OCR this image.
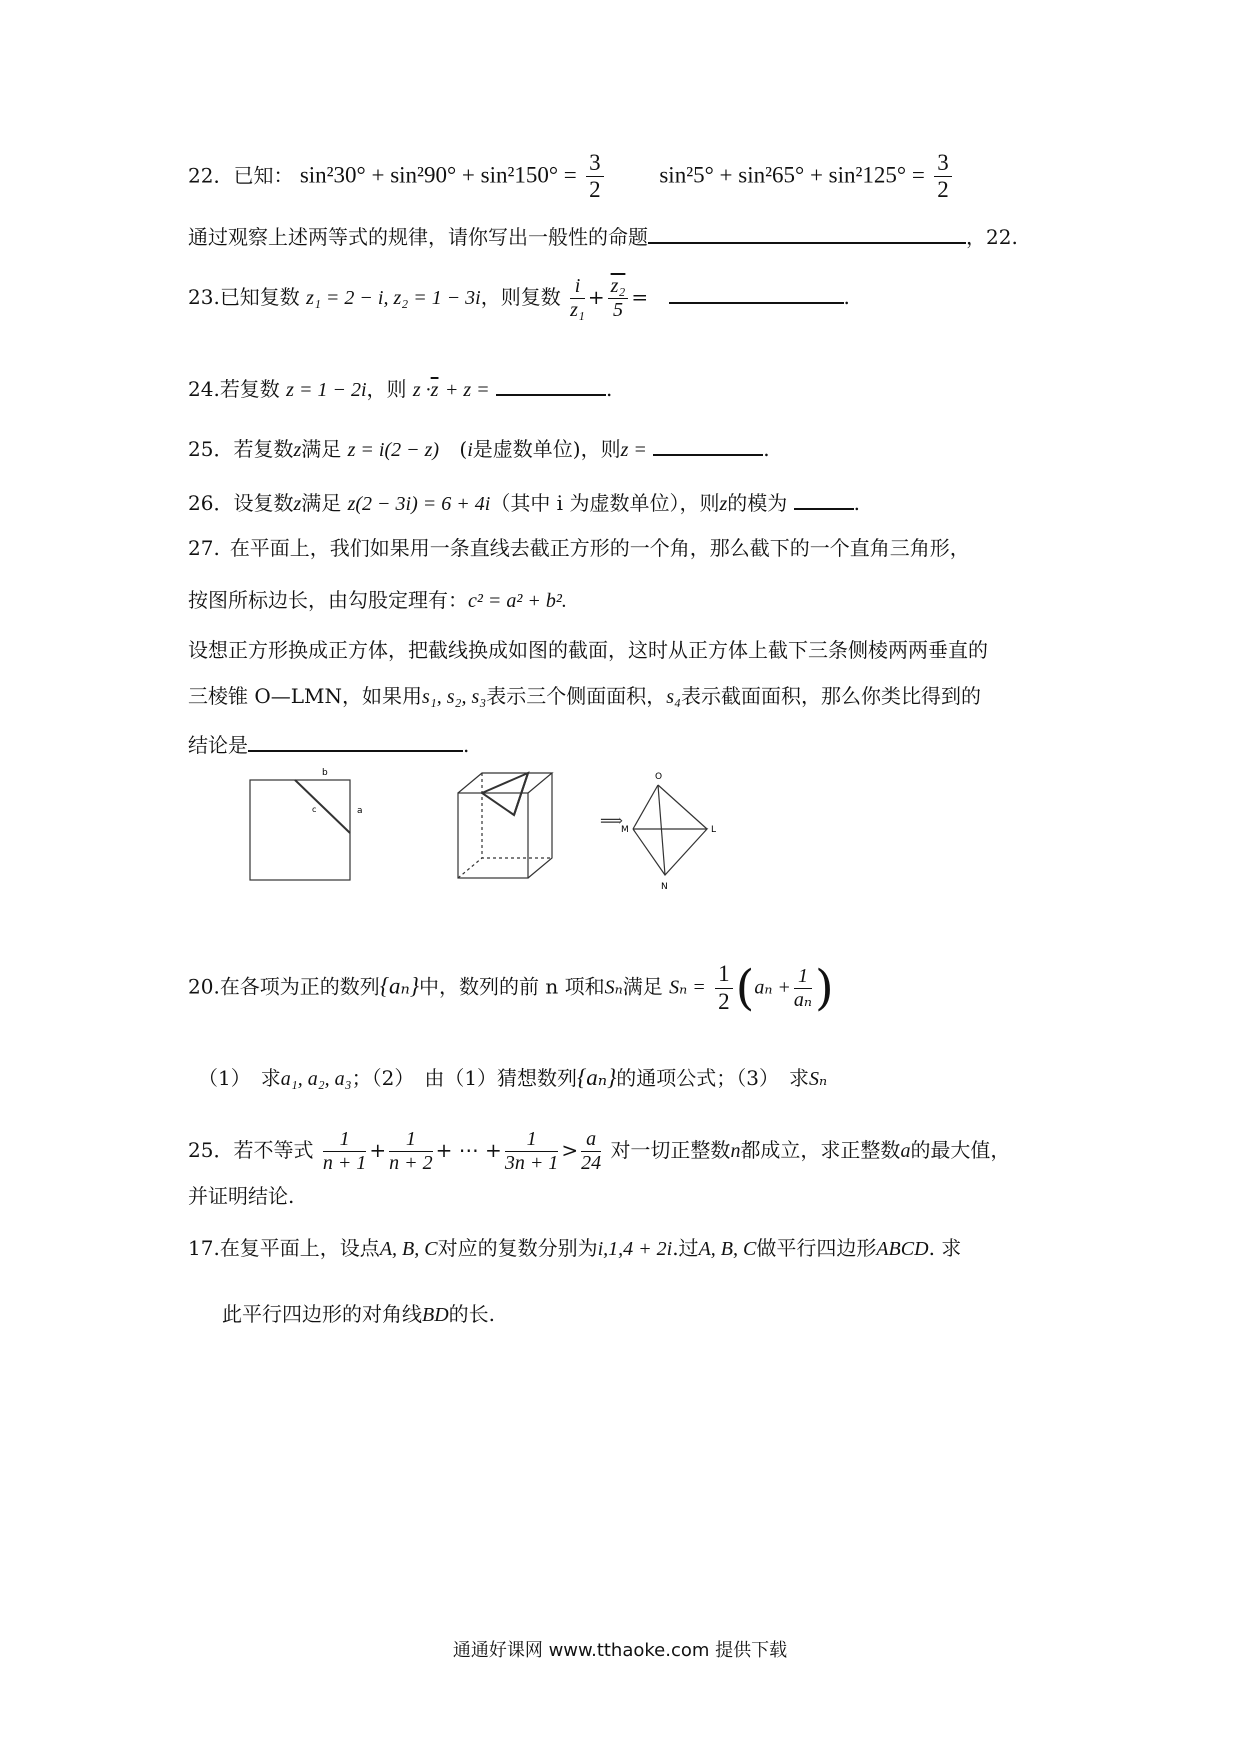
22．已知： $\sin^230^\circ + \sin^290^\circ + \sin^2150^\circ = \frac{3}{2} \sin^25^\circ + \sin^265^\circ + \sin^2125^\circ = \frac{3}{2}$
通过观察上述两等式的规律，请你写出一般性的命题	，22.
23.已知复数 z₁ = 2 − i, z₂ = 1 − 3i，则复数 $\frac{i}{\text{z₁}} + \frac{\text{z₂}}{5}$ =	.
24.若复数 z = 1 − 2i，则 $z \cdot\overline{z} + z$ =	.
25．若复数z满足 z = i(2 − z) (i是虚数单位)，则z =	.
26．设复数z满足 z(2 − 3i) = 6 + 4i（其中 i 为虚数单位），则z的模为	.
27. 在平面上，我们如果用一条直线去截正方形的一个角，那么截下的一个直角三角形，
按图所标边长，由勾股定理有：c² = a² + b².
设想正方形换成正方体，把截线换成如图的截面，这时从正方体上截下三条侧棱两两垂直的
三棱锥 O—LMN，如果用s₁, s₂, s₃表示三个侧面面积，s₄表示截面面积，那么你类比得到的
结论是	.
b
a
c
⟹
O
M	L
N
20.在各项为正的数列{aₙ}中，数列的前 n 项和Sₙ满足 $S_n = \frac{1}{2} (a_n + \frac{1}{\text{aₙ}}$ )
（1） 求a₁, a₂, a₃；（2） 由（1）猜想数列{aₙ}的通项公式；（3） 求Sₙ
25．若不等式 $\frac{1}{n + 1} + \frac{1}{n + 2}$ + ⋯ + $\frac{1}{3n + 1} > \frac{a}{24}$ 对一切正整数n都成立，求正整数a的最大值，
并证明结论.
17.在复平面上，设点A, B, C对应的复数分别为i,1,4 + 2i.过A, B, C做平行四边形ABCD. 求
此平行四边形的对角线BD的长.
通通好课网 www.tthaoke.com 提供下载
